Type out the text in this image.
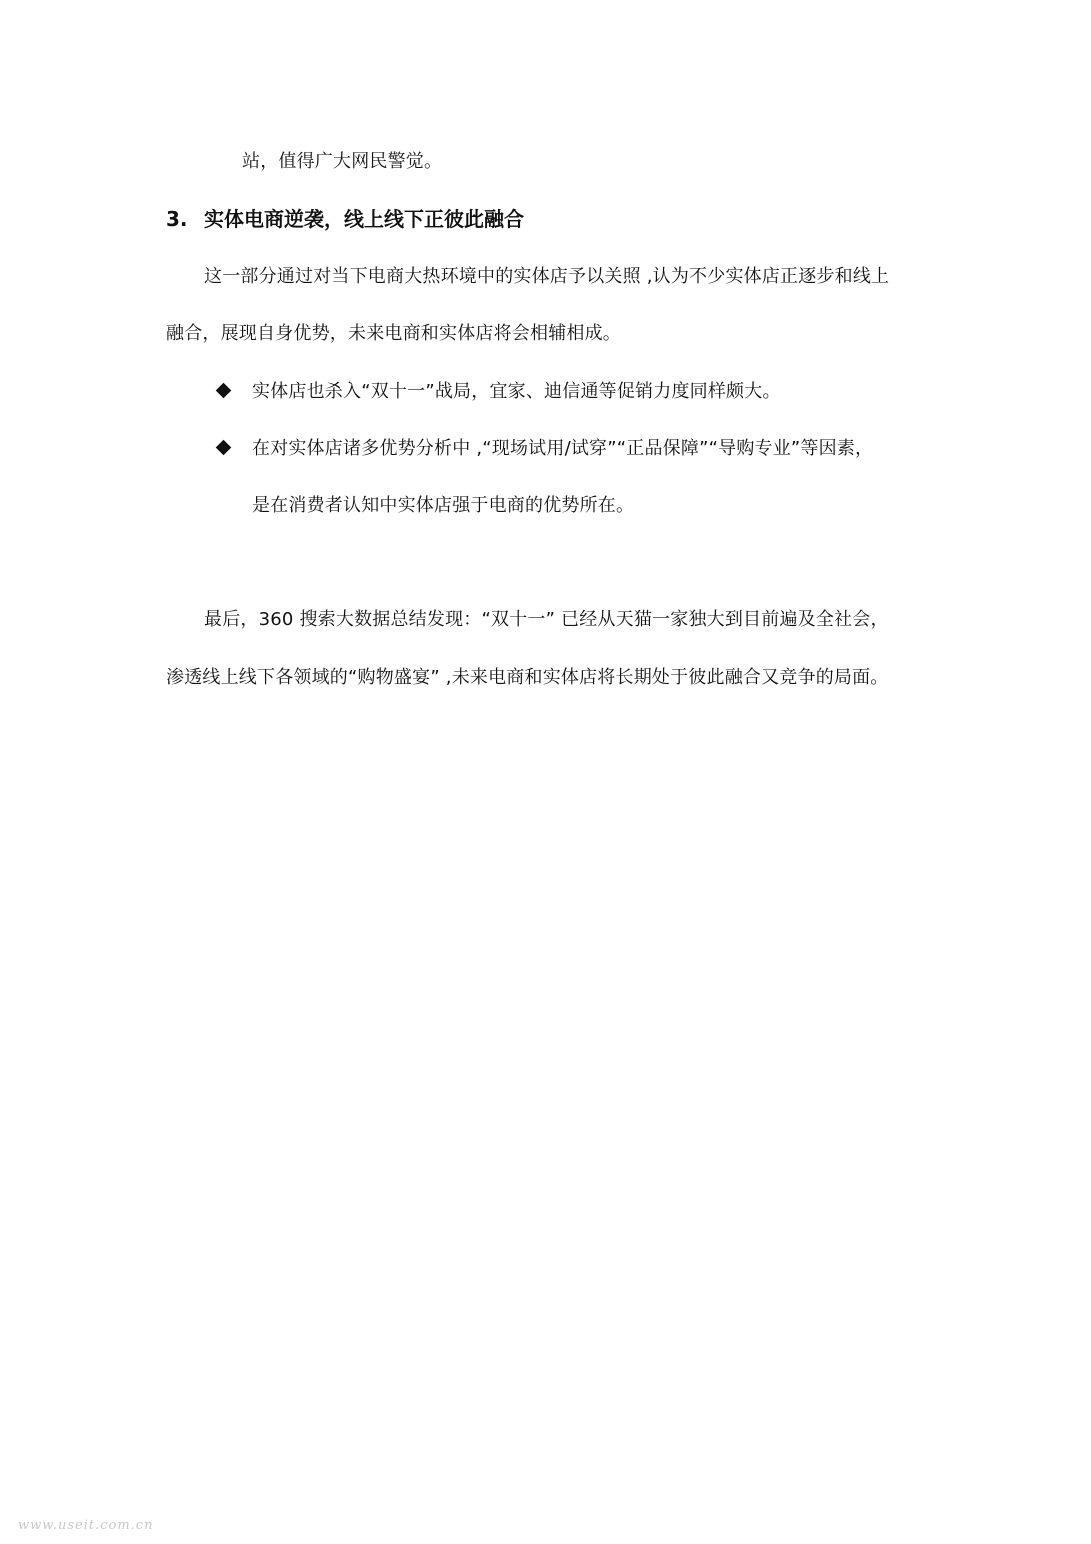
站，值得广大网民警觉。
3. 实体电商逆袭，线上线下正彼此融合
这一部分通过对当下电商大热环境中的实体店予以关照 ,认为不少实体店正逐步和线上
融合，展现自身优势，未来电商和实体店将会相辅相成。
实体店也杀入“双十一”战局，宜家、迪信通等促销力度同样颇大。
在对实体店诸多优势分析中 ,“现场试用/试穿”“正品保障”“导购专业”等因素，
是在消费者认知中实体店强于电商的优势所在。
最后，360 搜索大数据总结发现：“双十一” 已经从天猫一家独大到目前遍及全社会，
渗透线上线下各领域的“购物盛宴” ,未来电商和实体店将长期处于彼此融合又竞争的局面。
www.useit.com.cn
